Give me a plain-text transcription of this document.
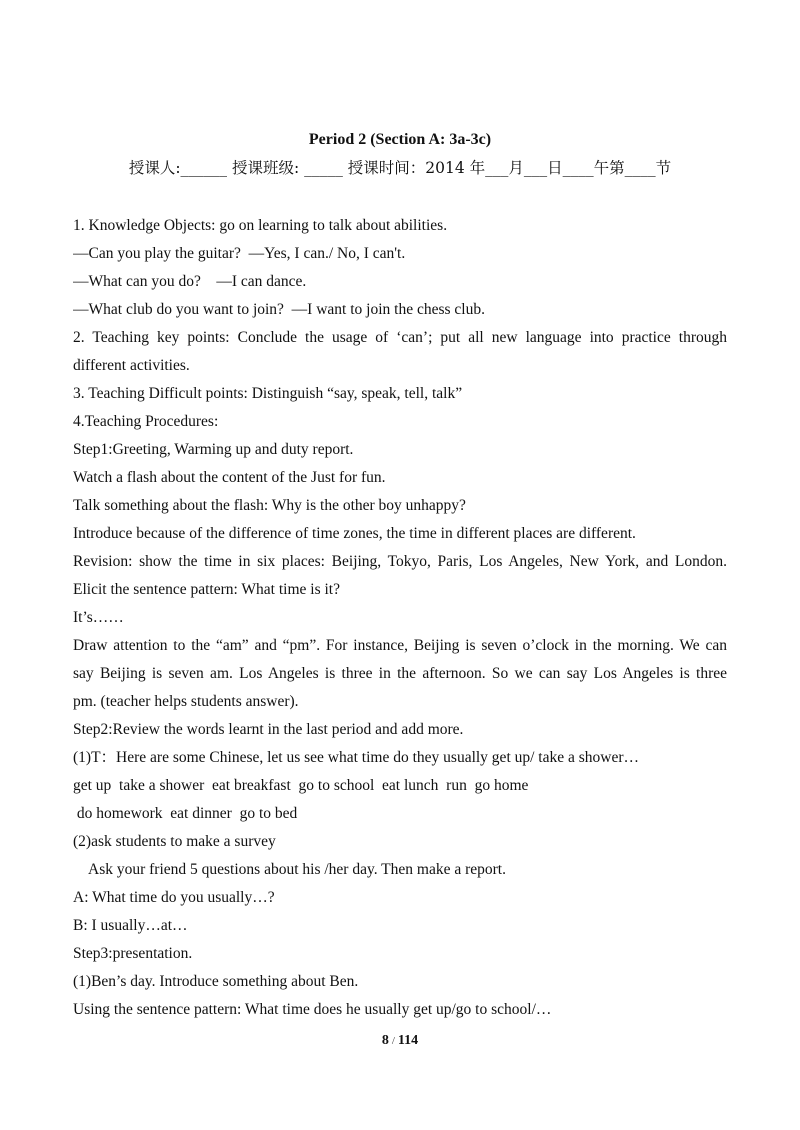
Period 2 (Section A: 3a-3c)
授课人:______ 授课班级: _____ 授课时间：2014 年___月___日____午第____节
1. Knowledge Objects: go on learning to talk about abilities.
—Can you play the guitar?  —Yes, I can./ No, I can't.
—What can you do?    —I can dance.
—What club do you want to join?  —I want to join the chess club.
2. Teaching key points: Conclude the usage of ‘can’; put all new language into practice through
different activities.
3. Teaching Difficult points: Distinguish “say, speak, tell, talk”
4.Teaching Procedures:
Step1:Greeting, Warming up and duty report.
Watch a flash about the content of the Just for fun.
Talk something about the flash: Why is the other boy unhappy?
Introduce because of the difference of time zones, the time in different places are different.
Revision: show the time in six places: Beijing, Tokyo, Paris, Los Angeles, New York, and London.
Elicit the sentence pattern: What time is it?
It’s……
Draw attention to the “am” and “pm”. For instance, Beijing is seven o’clock in the morning. We can
say Beijing is seven am. Los Angeles is three in the afternoon. So we can say Los Angeles is three
pm. (teacher helps students answer).
Step2:Review the words learnt in the last period and add more.
(1)T：Here are some Chinese, let us see what time do they usually get up/ take a shower…
get up  take a shower  eat breakfast  go to school  eat lunch  run  go home
do homework  eat dinner  go to bed
(2)ask students to make a survey
Ask your friend 5 questions about his /her day. Then make a report.
A: What time do you usually…?
B: I usually…at…
Step3:presentation.
(1)Ben’s day. Introduce something about Ben.
Using the sentence pattern: What time does he usually get up/go to school/…
8 / 114
